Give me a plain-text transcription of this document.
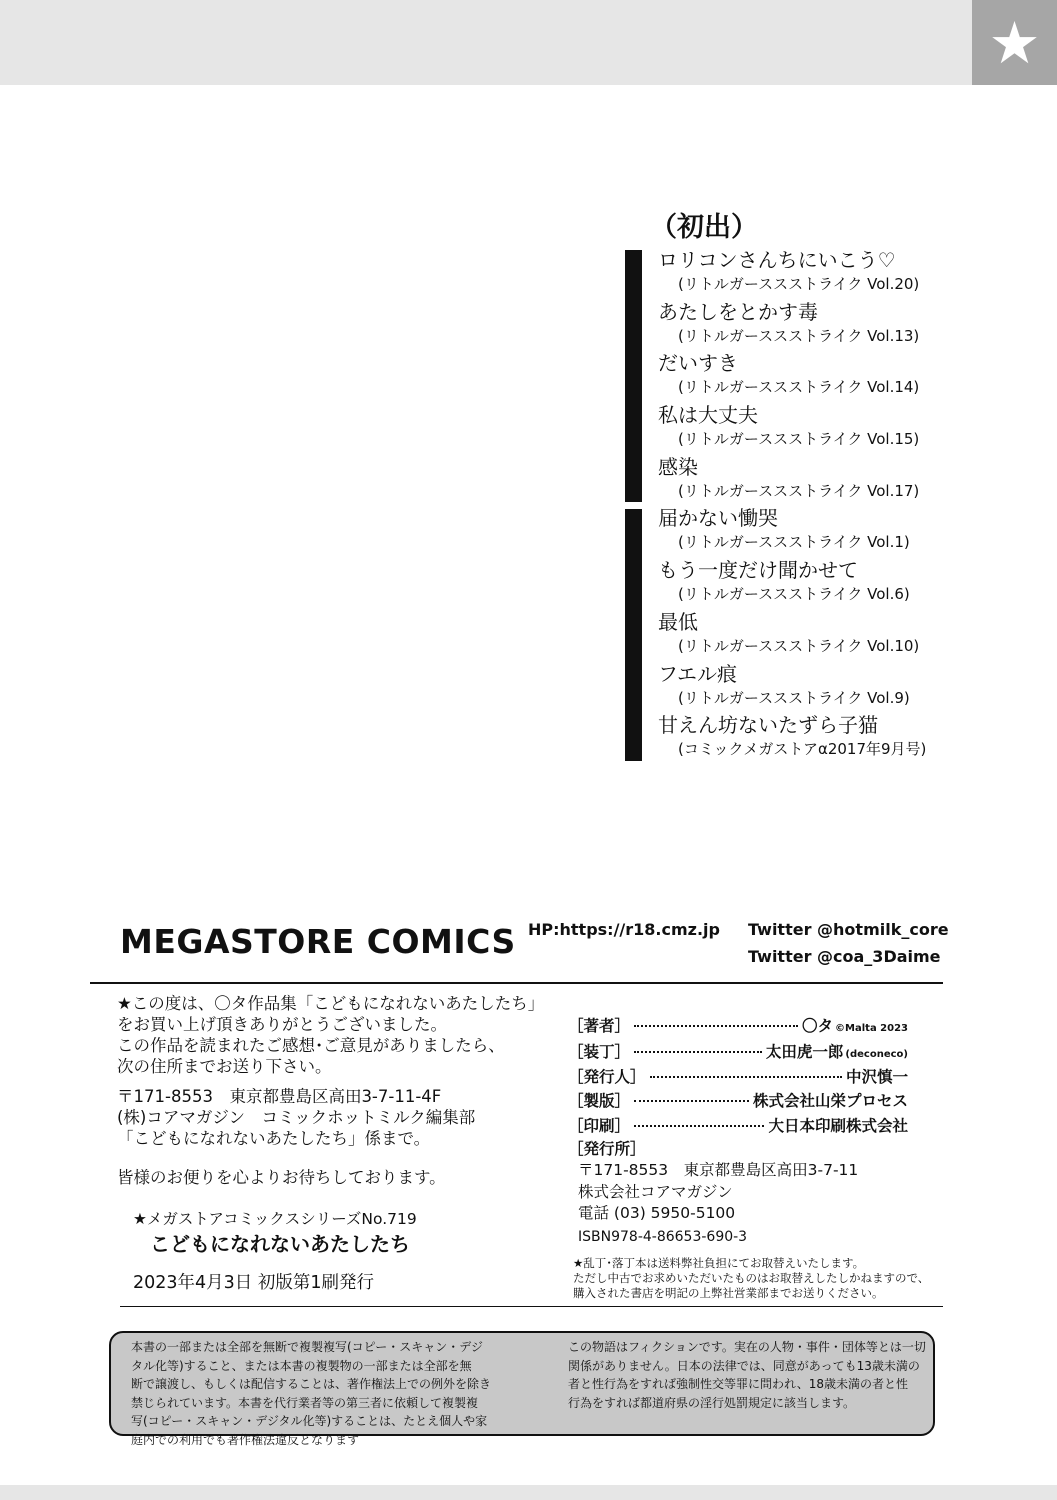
★
（初出）
ロリコンさんちにいこう♡
(リトルガーススストライク Vol.20)
あたしをとかす毒
(リトルガーススストライク Vol.13)
だいすき
(リトルガーススストライク Vol.14)
私は大丈夫
(リトルガーススストライク Vol.15)
感染
(リトルガーススストライク Vol.17)
届かない慟哭
(リトルガーススストライク Vol.1)
もう一度だけ聞かせて
(リトルガーススストライク Vol.6)
最低
(リトルガーススストライク Vol.10)
フエル痕
(リトルガーススストライク Vol.9)
甘えん坊ないたずら子猫
(コミックメガストアα2017年9月号)
MEGASTORE COMICS HP:https://r18.cmz.jp Twitter @hotmilk_core
Twitter @coa_3Daime
★この度は、〇タ作品集「こどもになれないあたしたち」
をお買い上げ頂きありがとうございました。
この作品を読まれたご感想･ご意見がありましたら、
次の住所までお送り下さい。
〒171-8553　東京都豊島区高田3-7-11-4F
(株)コアマガジン　コミックホットミルク編集部
「こどもになれないあたしたち」係まで。
皆様のお便りを心よりお待ちしております。
★メガストアコミックスシリーズNo.719
こどもになれないあたしたち
2023年4月3日 初版第1刷発行
［著者］	〇タ ©Malta 2023
［装丁］	太田虎一郎 (deconeco)
［発行人］	中沢慎一
［製版］	株式会社山栄プロセス
［印刷］	大日本印刷株式会社
［発行所］
〒171-8553　東京都豊島区高田3-7-11
株式会社コアマガジン
電話 (03) 5950-5100
ISBN978-4-86653-690-3
★乱丁･落丁本は送料弊社負担にてお取替えいたします。
ただし中古でお求めいただいたものはお取替えしたしかねますので、
購入された書店を明記の上弊社営業部までお送りください。
本書の一部または全部を無断で複製複写(コピー・スキャン・デジ
タル化等)すること、または本書の複製物の一部または全部を無
断で譲渡し、もしくは配信することは、著作権法上での例外を除き
禁じられています。本書を代行業者等の第三者に依頼して複製複
写(コピー・スキャン・デジタル化等)することは、たとえ個人や家
庭内での利用でも著作権法違反となります
この物語はフィクションです。実在の人物・事件・団体等とは一切
関係がありません。日本の法律では、同意があっても13歳未満の
者と性行為をすれば強制性交等罪に問われ、18歳未満の者と性
行為をすれば都道府県の淫行処罰規定に該当します。
